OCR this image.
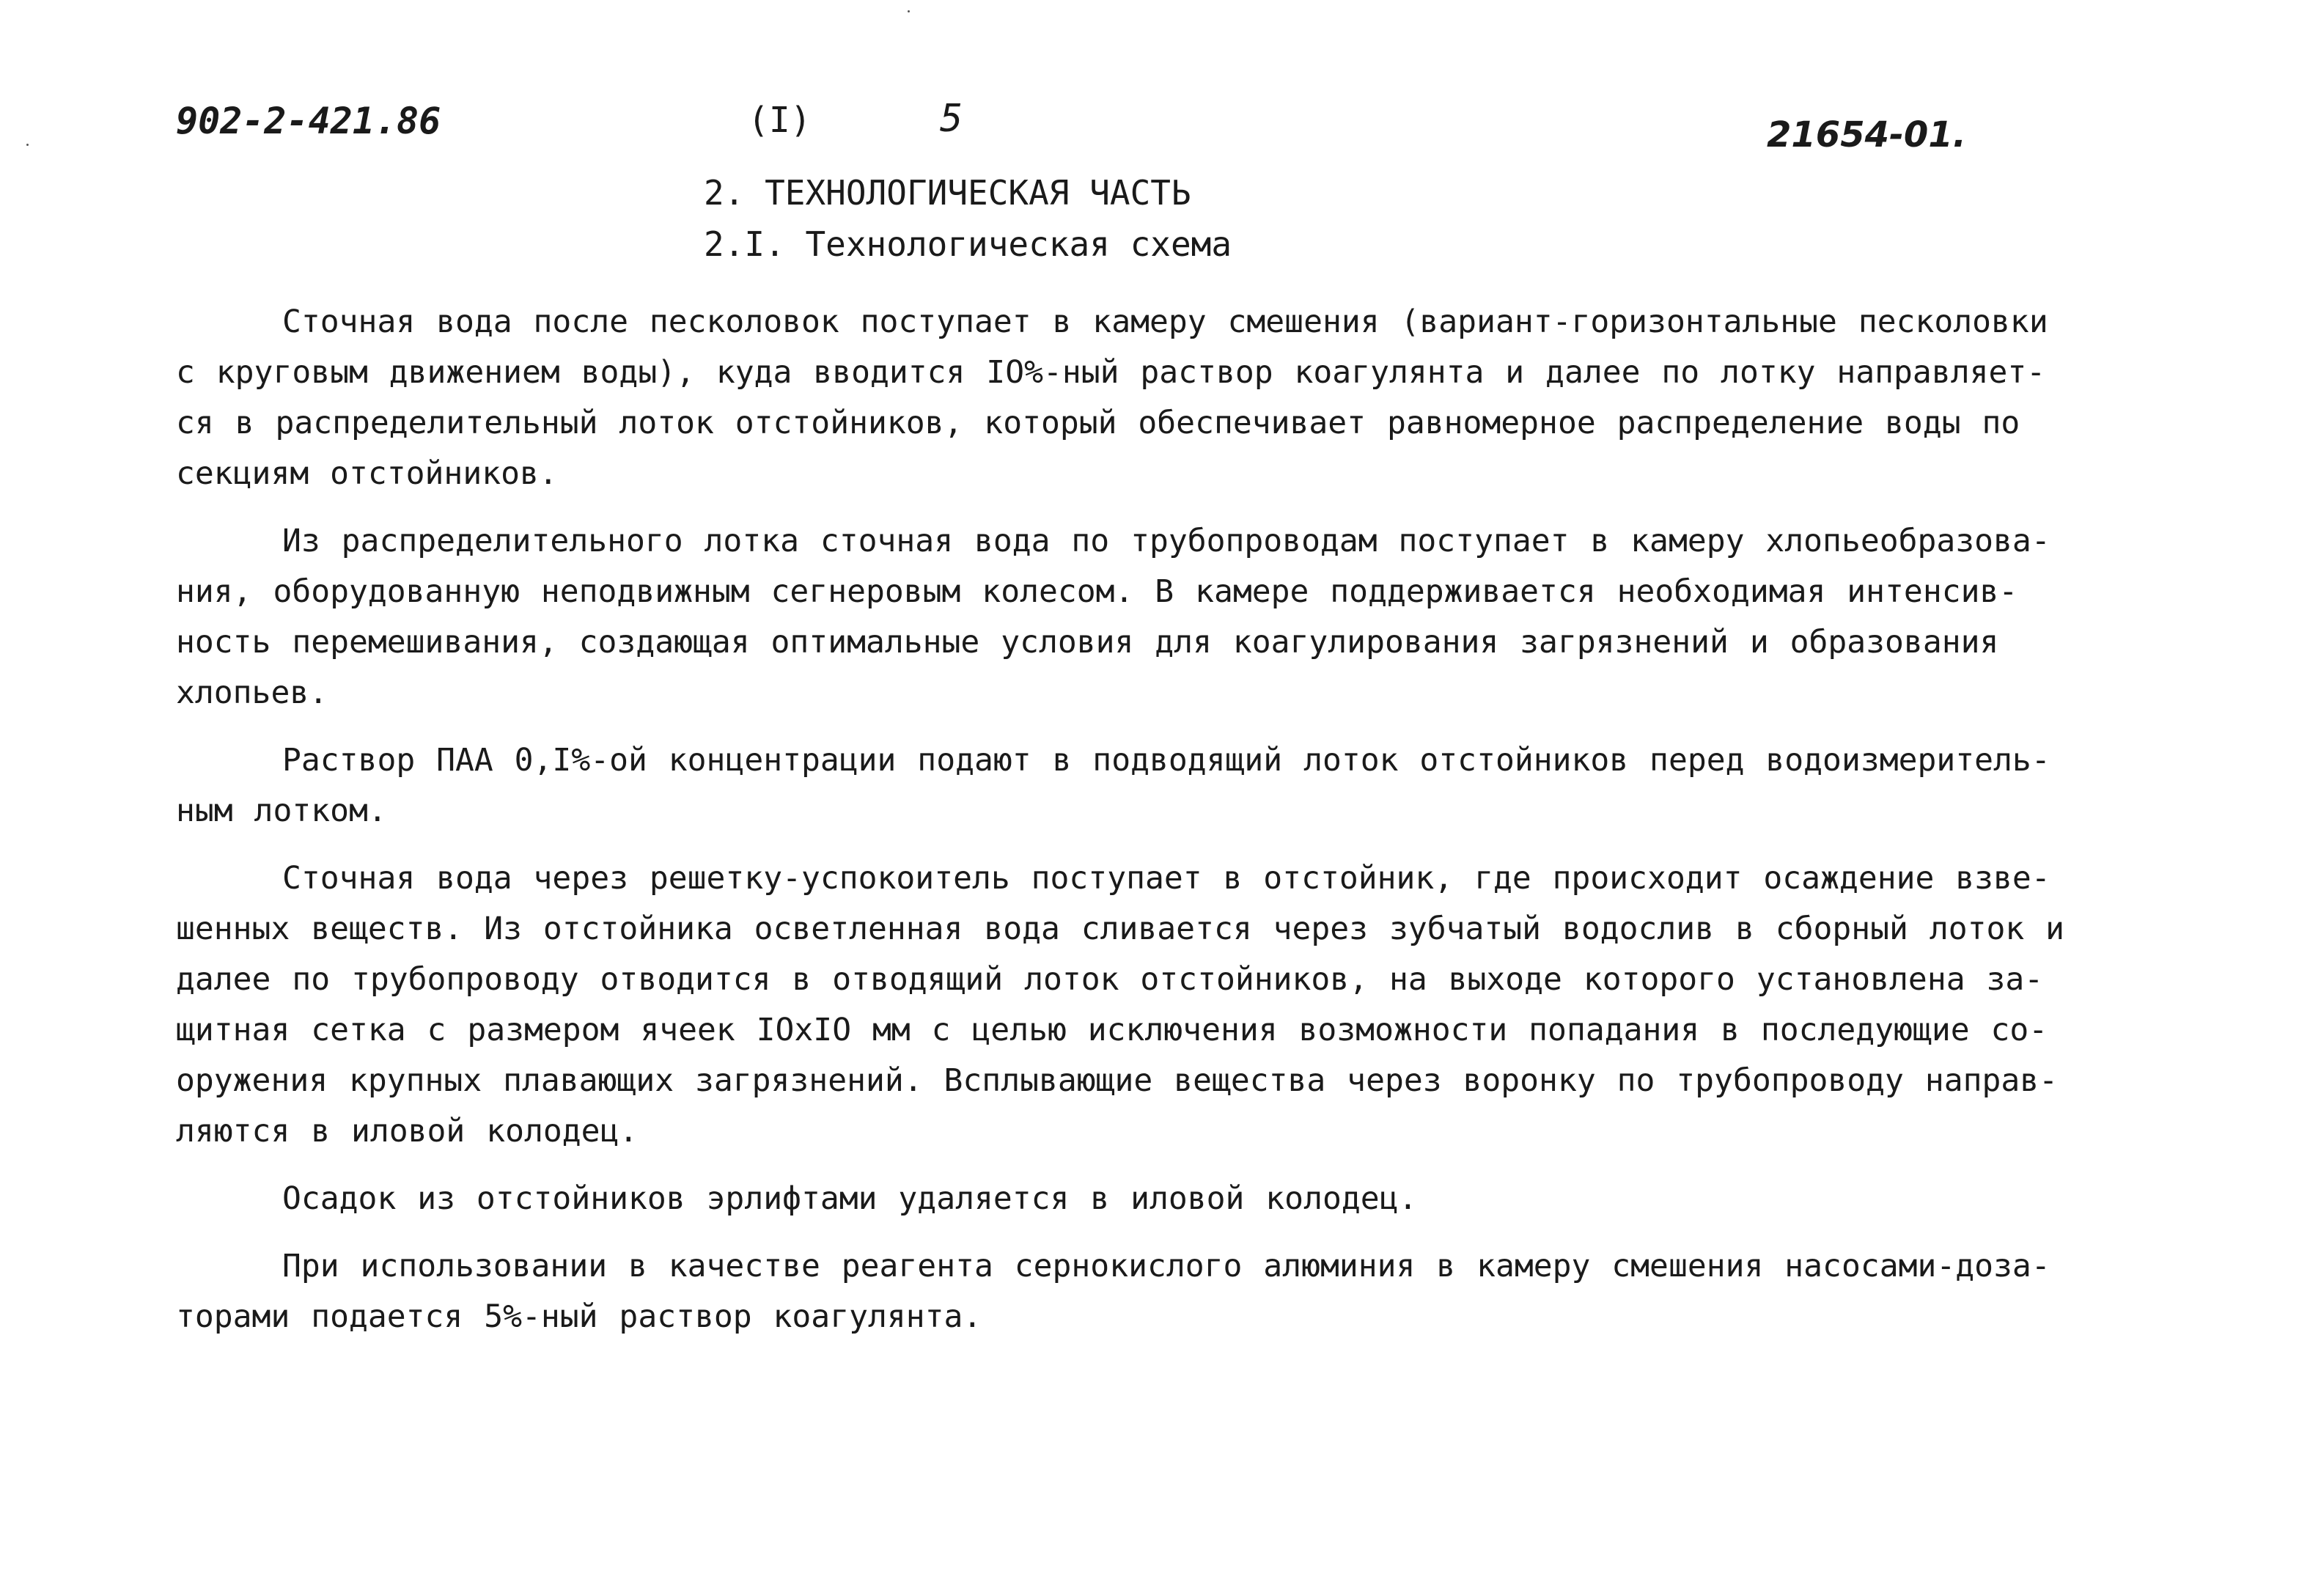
902-2-421.86	(I)	5	21654-01.
2. ТЕХНОЛОГИЧЕСКАЯ ЧАСТЬ
2.I. Технологическая схема
Сточная вода после песколовок поступает в камеру смешения (вариант-горизонтальные песколовки
с круговым движением воды), куда вводится IO%-ный раствор коагулянта и далее по лотку направляет-
ся в распределительный лоток отстойников, который обеспечивает равномерное распределение воды по
секциям отстойников.
Из распределительного лотка сточная вода по трубопроводам поступает в камеру хлопьеобразова-
ния, оборудованную неподвижным сегнеровым колесом. В камере поддерживается необходимая интенсив-
ность перемешивания, создающая оптимальные условия для коагулирования загрязнений и образования
хлопьев.
Раствор ПАА 0,I%-ой концентрации подают в подводящий лоток отстойников перед водоизмеритель-
ным лотком.
Сточная вода через решетку-успокоитель поступает в отстойник, где происходит осаждение взве-
шенных веществ. Из отстойника осветленная вода сливается через зубчатый водослив в сборный лоток и
далее по трубопроводу отводится в отводящий лоток отстойников, на выходе которого установлена за-
щитная сетка с размером ячеек IOxIO мм с целью исключения возможности попадания в последующие со-
оружения крупных плавающих загрязнений. Всплывающие вещества через воронку по трубопроводу направ-
ляются в иловой колодец.
Осадок из отстойников эрлифтами удаляется в иловой колодец.
При использовании в качестве реагента сернокислого алюминия в камеру смешения насосами-доза-
торами подается 5%-ный раствор коагулянта.
